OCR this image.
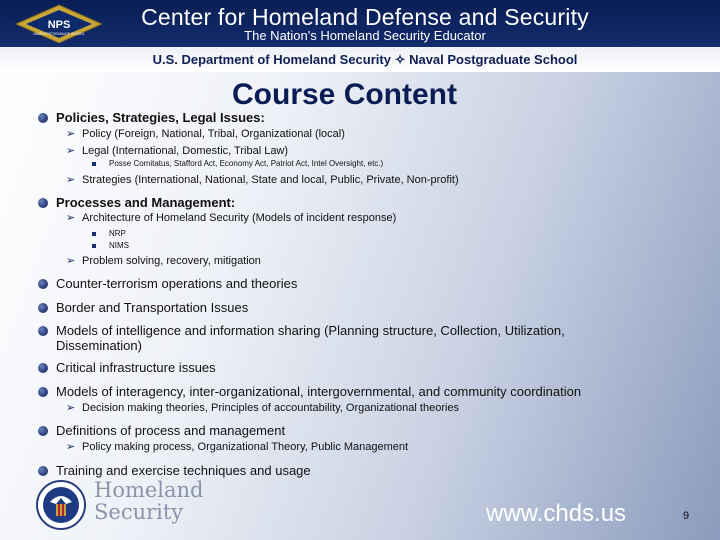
NPS
NAVAL POSTGRADUATE SCHOOL
Center for Homeland Defense and Security
The Nation's Homeland Security Educator
U.S. Department of Homeland Security ✧ Naval Postgraduate School
Course Content
Policies, Strategies, Legal Issues:
➢ Policy (Foreign, National, Tribal, Organizational (local)
➢ Legal (International, Domestic, Tribal Law)
Posse Comitatus, Stafford Act, Economy Act, Patriot Act, Intel Oversight, etc.)
➢ Strategies (International, National, State and local, Public, Private, Non-profit)
Processes and Management:
➢ Architecture of Homeland Security (Models of incident response)
NRP
NIMS
➢ Problem solving, recovery, mitigation
Counter-terrorism operations and theories
Border and Transportation Issues
Models of intelligence and information sharing (Planning structure, Collection, Utilization, Dissemination)
Critical infrastructure issues
Models of interagency, inter-organizational, intergovernmental, and community coordination
➢ Decision making theories, Principles of accountability, Organizational theories
Definitions of process and management
➢ Policy making process, Organizational Theory, Public Management
Training and exercise techniques and usage
Homeland
Security	www.chds.us	9
